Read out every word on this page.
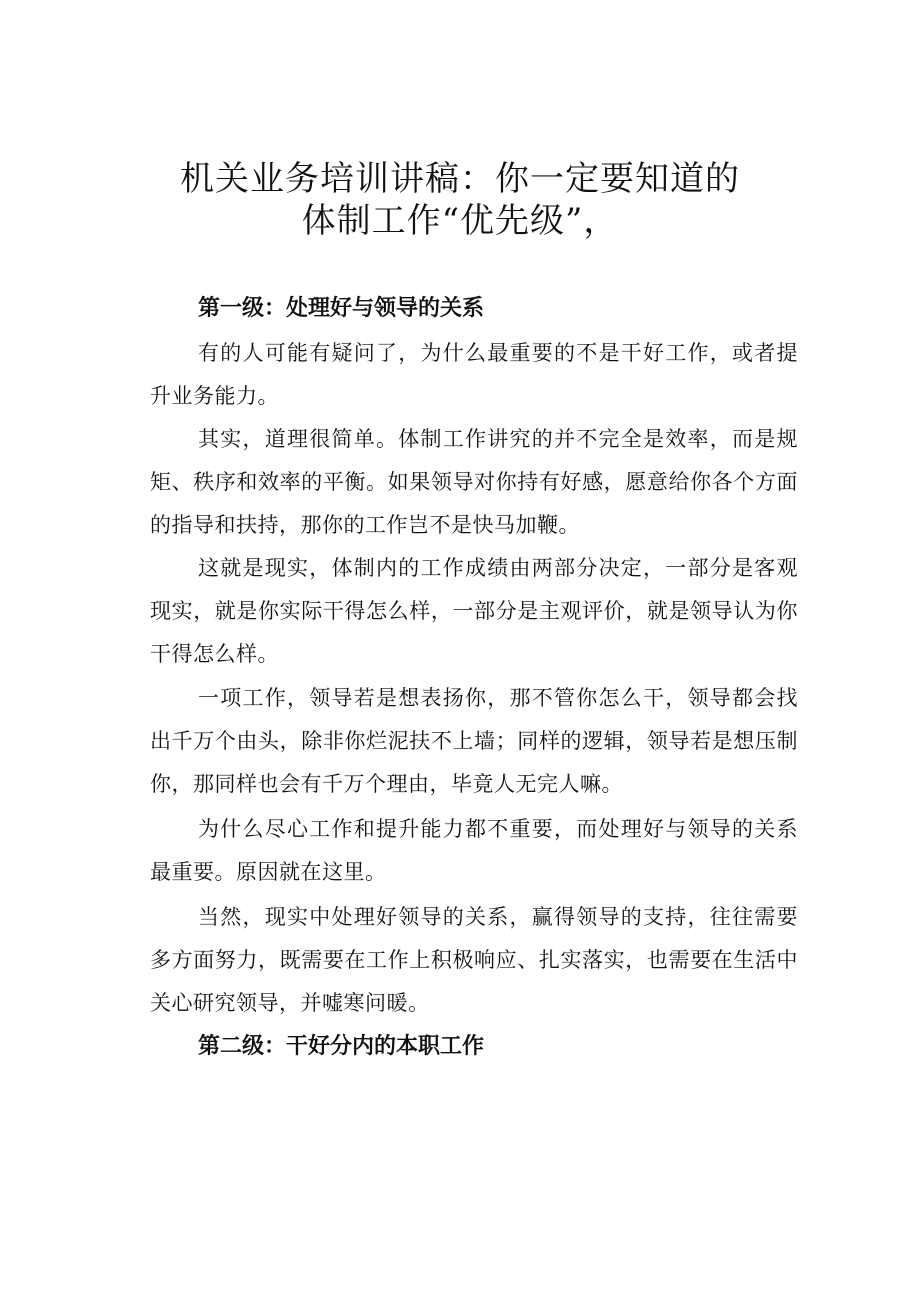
机关业务培训讲稿：你一定要知道的
体制工作“优先级”，
第一级：处理好与领导的关系

有的人可能有疑问了，为什么最重要的不是干好工作，或者提升业务能力。

其实，道理很简单。体制工作讲究的并不完全是效率，而是规矩、秩序和效率的平衡。如果领导对你持有好感，愿意给你各个方面的指导和扶持，那你的工作岂不是快马加鞭。

这就是现实，体制内的工作成绩由两部分决定，一部分是客观现实，就是你实际干得怎么样，一部分是主观评价，就是领导认为你干得怎么样。

一项工作，领导若是想表扬你，那不管你怎么干，领导都会找出千万个由头，除非你烂泥扶不上墙；同样的逻辑，领导若是想压制你，那同样也会有千万个理由，毕竟人无完人嘛。

为什么尽心工作和提升能力都不重要，而处理好与领导的关系最重要。原因就在这里。

当然，现实中处理好领导的关系，赢得领导的支持，往往需要多方面努力，既需要在工作上积极响应、扎实落实，也需要在生活中关心研究领导，并嘘寒问暖。

第二级：干好分内的本职工作
